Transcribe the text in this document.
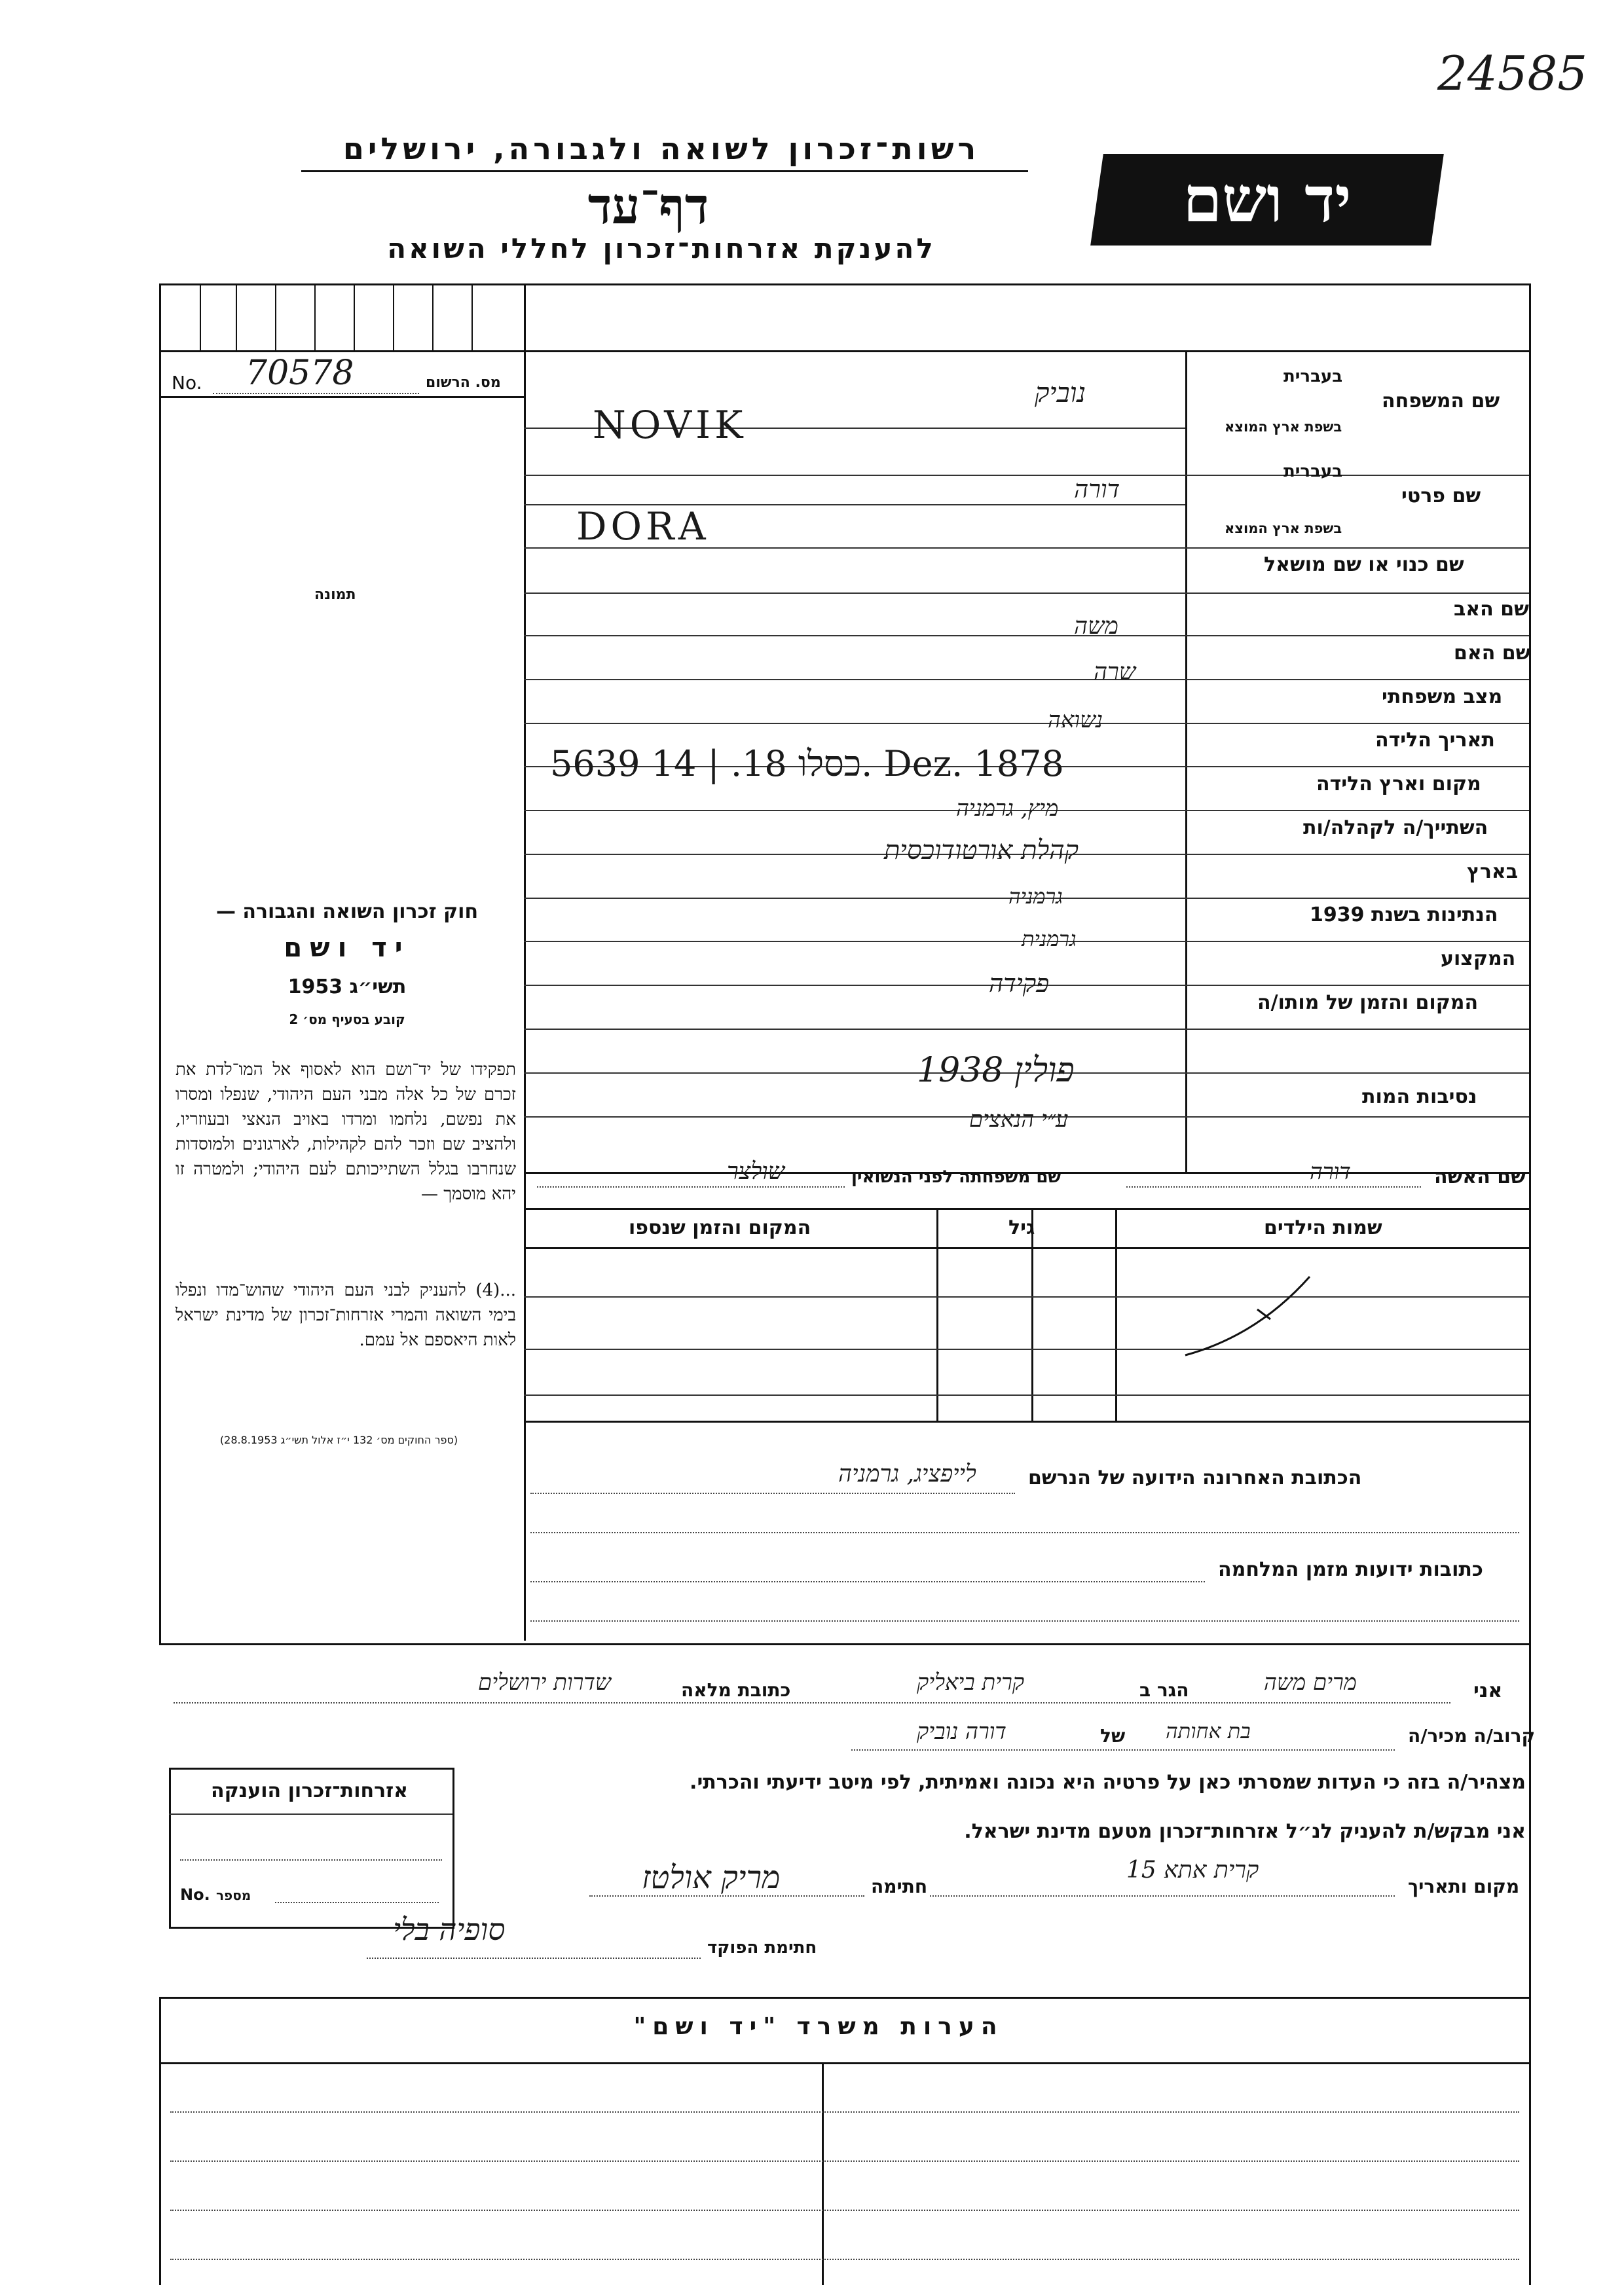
24585
יד ושם
רשות־זכרון לשואה ולגבורה, ירושלים
דף־עד
להענקת אזרחות־זכרון לחללי השואה
No. 70578	מס. הרשום
תמונה
שם המשפחה
בעברית
בשפת ארץ המוצא
נוביק
NOVIK
שם פרטי
בעברית
בשפת ארץ המוצא
דורה
DORA
שם כנוי או שם מושאל
שם האב
משה
שם האם
שרה
מצב משפחתי
נשואה
תאריך הלידה
5639 כסלו 18. | 14. Dez. 1878	מקום וארץ הלידה
מיץ, גרמניה
השתייך/ה לקהלה/ות
קהלת אורטודוכסית
בארץ
גרמניה
הנתינות בשנת 1939
גרמנית
המקצוע
פקידה
המקום והזמן של מותו/ה
פולין 1938
נסיבות המות
ע״י הנאצים
שם האשה
דורה
שם משפחתה לפני הנשואין
שולצר
שמות הילדים
גיל
המקום והזמן שנספו
חוק זכרון השואה והגבורה —
יד ושם
תשי״ג 1953
קובע בסעיף מס׳ 2
תפקידו של יד־ושם הוא לאסוף אל המו־לדת את זכרם של כל אלה מבני העם היהודי, שנפלו ומסרו את נפשם, נלחמו ומרדו באויב הנאצי ובעוזריו, ולהציב שם וזכר להם לקהילות, לארגונים ולמוסדות שנחרבו בגלל השתייכותם לעם היהודי; ולמטרה זו יהא מוסמך —
...(4) להעניק לבני העם היהודי שהוש־מדו ונפלו בימי השואה והמרי אזרחות־זכרון של מדינת ישראל לאות היאספם אל עמם.
(ספר החוקים מס׳ 132 י״ז אלול תשי״ג 28.8.1953)
הכתובת האחרונה הידועה של הנרשם
לייפציג, גרמניה
כתובות ידועות מזמן המלחמה
אני
מרים משה
הגר ב
קרית ביאליק
כתובת מלאה
שדרות ירושלים
קרוב/ה מכיר/ה
בת אחותה
של
דורה נוביק
מצהיר/ה בזה כי העדות שמסרתי כאן על פרטיה היא נכונה ואמיתית, לפי מיטב ידיעתי והכרתי.
אני מבקש/ת להעניק לנ״ל אזרחות־זכרון מטעם מדינת ישראל.
מקום ותאריך
קרית אתא 15
חתימה
מריק אולטז
חתימת הפוקד
סופיה בלי
אזרחות־זכרון הוענקה
No. מספר
הערות משרד "יד ושם"
